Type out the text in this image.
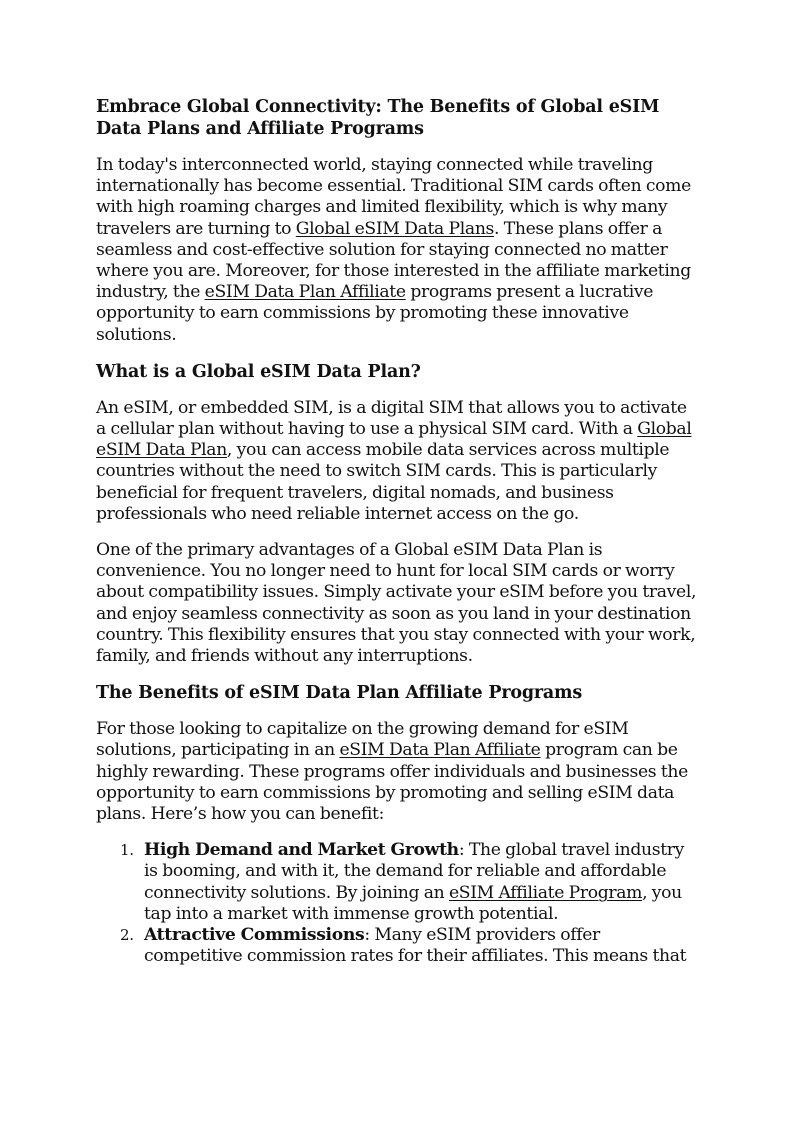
Embrace Global Connectivity: The Benefits of Global eSIM Data Plans and Affiliate Programs

In today's interconnected world, staying connected while traveling internationally has become essential. Traditional SIM cards often come with high roaming charges and limited flexibility, which is why many travelers are turning to Global eSIM Data Plans. These plans offer a seamless and cost-effective solution for staying connected no matter where you are. Moreover, for those interested in the affiliate marketing industry, the eSIM Data Plan Affiliate programs present a lucrative opportunity to earn commissions by promoting these innovative solutions.

What is a Global eSIM Data Plan?

An eSIM, or embedded SIM, is a digital SIM that allows you to activate a cellular plan without having to use a physical SIM card. With a Global eSIM Data Plan, you can access mobile data services across multiple countries without the need to switch SIM cards. This is particularly beneficial for frequent travelers, digital nomads, and business professionals who need reliable internet access on the go.

One of the primary advantages of a Global eSIM Data Plan is convenience. You no longer need to hunt for local SIM cards or worry about compatibility issues. Simply activate your eSIM before you travel, and enjoy seamless connectivity as soon as you land in your destination country. This flexibility ensures that you stay connected with your work, family, and friends without any interruptions.

The Benefits of eSIM Data Plan Affiliate Programs

For those looking to capitalize on the growing demand for eSIM solutions, participating in an eSIM Data Plan Affiliate program can be highly rewarding. These programs offer individuals and businesses the opportunity to earn commissions by promoting and selling eSIM data plans. Here’s how you can benefit:

1. High Demand and Market Growth: The global travel industry is booming, and with it, the demand for reliable and affordable connectivity solutions. By joining an eSIM Affiliate Program, you tap into a market with immense growth potential.
2. Attractive Commissions: Many eSIM providers offer competitive commission rates for their affiliates. This means that
